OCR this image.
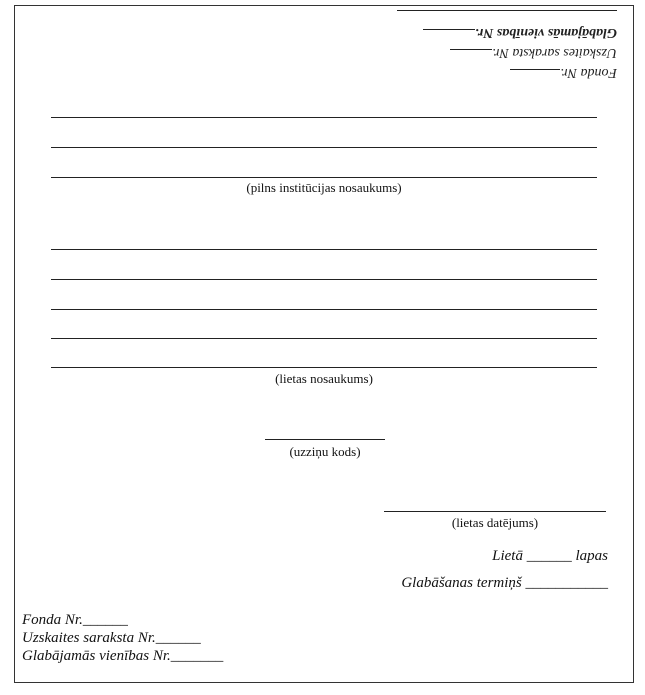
Fonda Nr.
Uzskaites saraksta Nr.
Glabājamās vienības Nr.
(pilns institūcijas nosaukums)
(lietas nosaukums)
(uzziņu kods)
(lietas datējums)
Lietā ______ lapas
Glabāšanas termiņš ___________
Fonda Nr.______
Uzskaites saraksta Nr.______
Glabājamās vienības Nr._______
